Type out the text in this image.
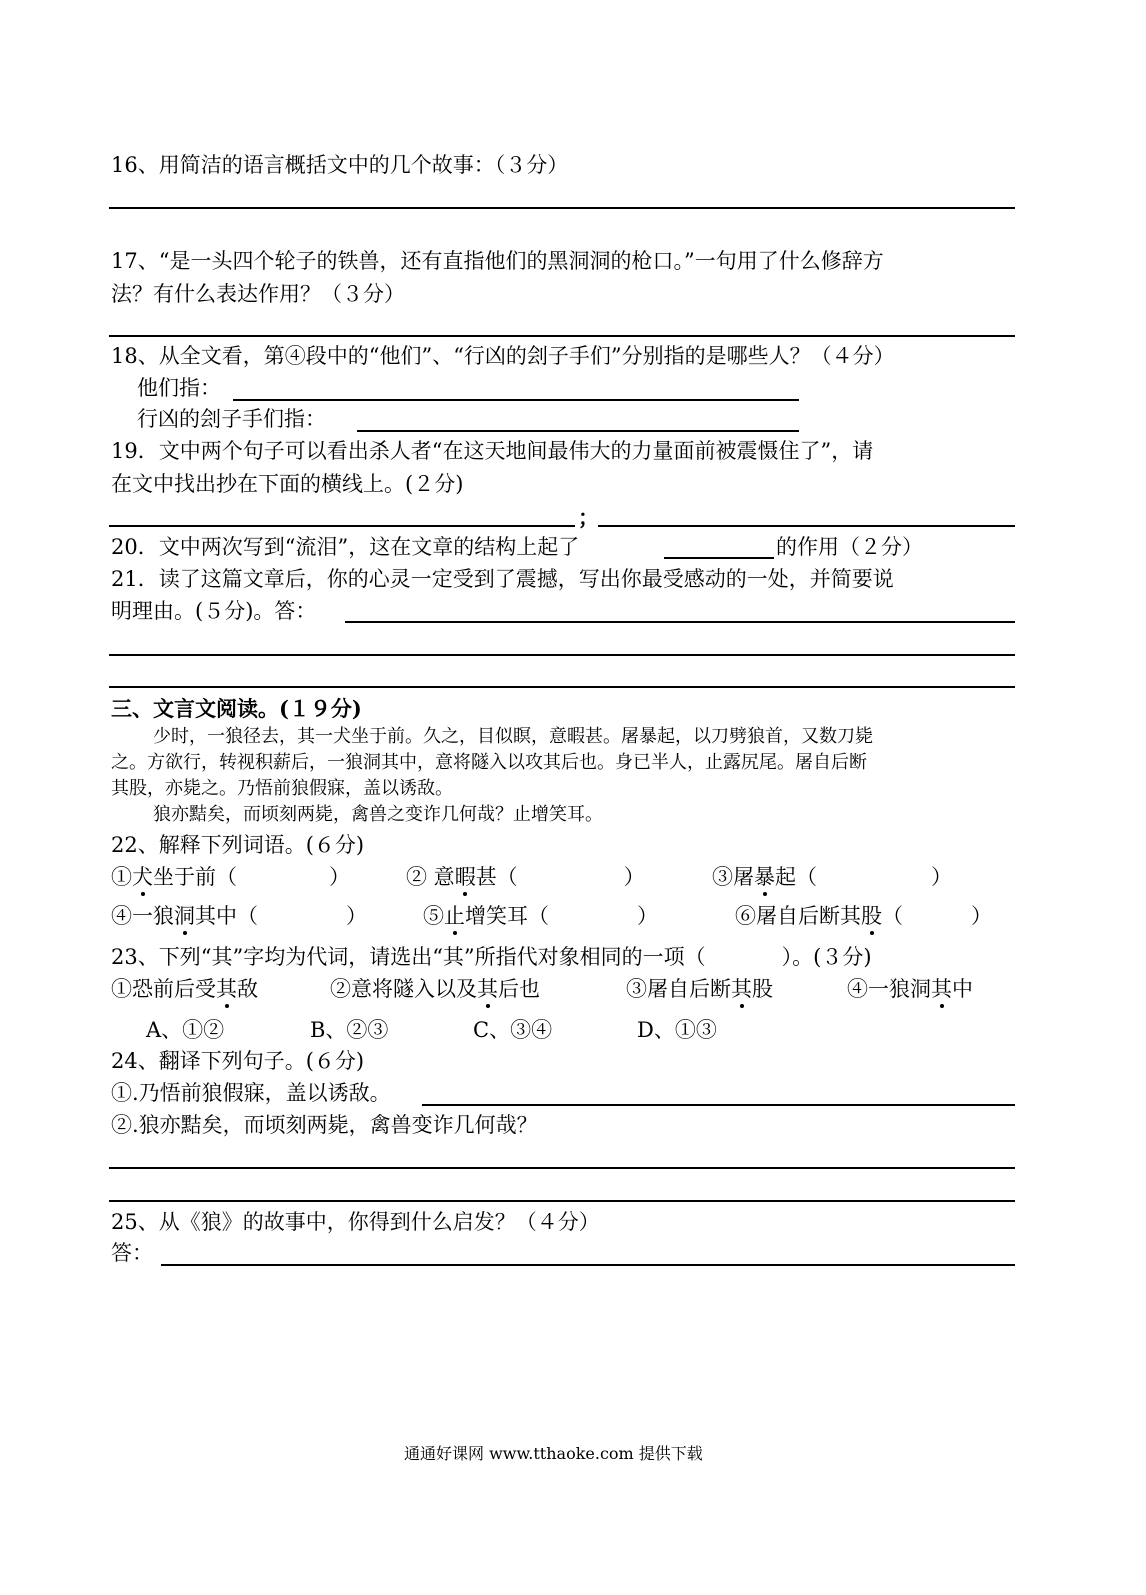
16、用简洁的语言概括文中的几个故事：（３分）
17、“是一头四个轮子的铁兽，还有直指他们的黑洞洞的枪口。”一句用了什么修辞方
法？有什么表达作用？（３分）
18、从全文看，第④段中的“他们”、“行凶的刽子手们”分别指的是哪些人？（４分）
他们指：
行凶的刽子手们指：
19．文中两个句子可以看出杀人者“在这天地间最伟大的力量面前被震慑住了”，请
在文中找出抄在下面的横线上。(２分)
；
20．文中两次写到“流泪”，这在文章的结构上起了	的作用（２分）
21．读了这篇文章后，你的心灵一定受到了震撼，写出你最受感动的一处，并简要说
明理由。(５分)。答：
三、文言文阅读。(１９分)
少时，一狼径去，其一犬坐于前。久之，目似瞑，意暇甚。屠暴起，以刀劈狼首，又数刀毙
之。方欲行，转视积薪后，一狼洞其中，意将隧入以攻其后也。身已半人，止露尻尾。屠自后断
其股，亦毙之。乃悟前狼假寐，盖以诱敌。
狼亦黠矣，而顷刻两毙，禽兽之变诈几何哉？止增笑耳。
22、解释下列词语。(６分)
①犬坐于前（	）	② 意暇甚（	）	③屠暴起（	）
④一狼洞其中（	）	⑤止增笑耳（	）	⑥屠自后断其股（	）
23、下列“其”字均为代词，请选出“其”所指代对象相同的一项（	）。(３分)
①恐前后受其敌	②意将隧入以及其后也	③屠自后断其股	④一狼洞其中
A、①②	B、②③	C、③④	D、①③
24、翻译下列句子。(６分)
①.乃悟前狼假寐，盖以诱敌。
②.狼亦黠矣，而顷刻两毙，禽兽变诈几何哉？
25、从《狼》的故事中，你得到什么启发？（４分）
答：
通通好课网 www.tthaoke.com 提供下载
